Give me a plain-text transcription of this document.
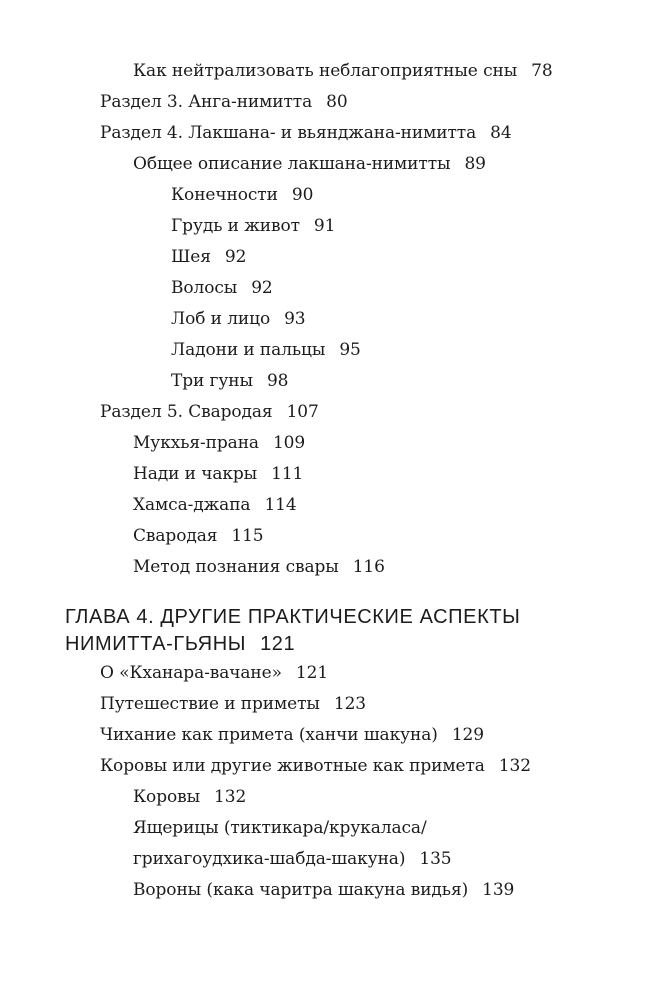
Как нейтрализовать неблагоприятные сны 78
Раздел 3. Анга-нимитта 80
Раздел 4. Лакшана- и вьянджана-нимитта 84
Общее описание лакшана-нимитты 89
Конечности 90
Грудь и живот 91
Шея 92
Волосы 92
Лоб и лицо 93
Ладони и пальцы 95
Три гуны 98
Раздел 5. Свародая 107
Мукхья-прана 109
Нади и чакры 111
Хамса-джапа 114
Свародая 115
Метод познания свары 116
ГЛАВА 4. ДРУГИЕ ПРАКТИЧЕСКИЕ АСПЕКТЫ
НИМИТТА-ГЬЯНЫ 121
О «Кханара-вачане» 121
Путешествие и приметы 123
Чихание как примета (ханчи шакуна) 129
Коровы или другие животные как примета 132
Коровы 132
Ящерицы (тиктикара/крукаласа/
грихагоудхика-шабда-шакуна) 135
Вороны (кака чаритра шакуна видья) 139
